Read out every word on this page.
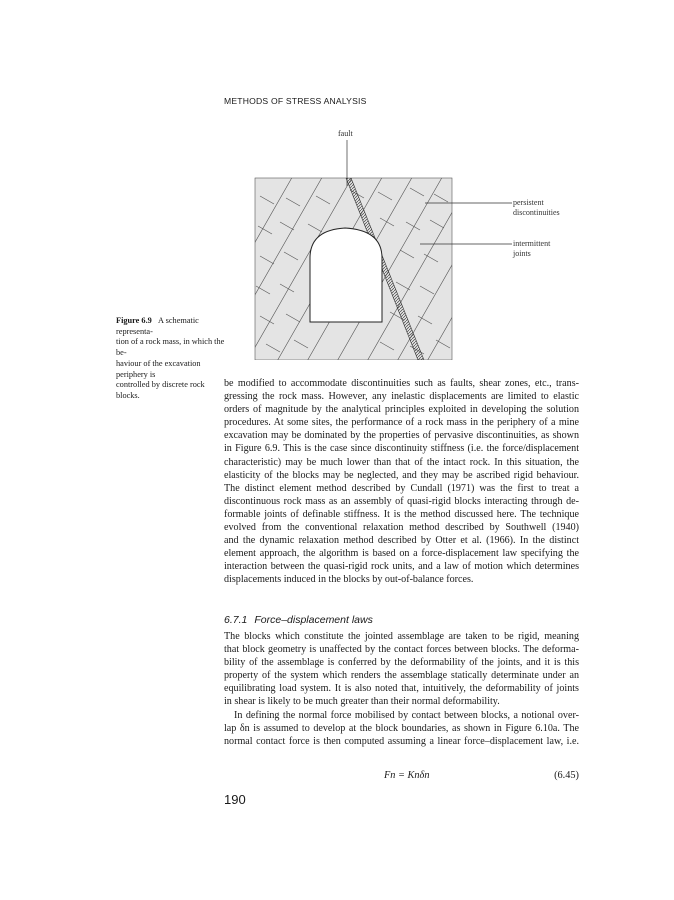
METHODS OF STRESS ANALYSIS
fault
persistent
discontinuities
intermittent
joints
Figure 6.9 A schematic representa-
tion of a rock mass, in which the be-
haviour of the excavation periphery is
controlled by discrete rock blocks.
be modified to accommodate discontinuities such as faults, shear zones, etc., trans-
gressing the rock mass. However, any inelastic displacements are limited to elastic
orders of magnitude by the analytical principles exploited in developing the solution
procedures. At some sites, the performance of a rock mass in the periphery of a mine
excavation may be dominated by the properties of pervasive discontinuities, as shown
in Figure 6.9. This is the case since discontinuity stiffness (i.e. the force/displacement
characteristic) may be much lower than that of the intact rock. In this situation, the
elasticity of the blocks may be neglected, and they may be ascribed rigid behaviour.
The distinct element method described by Cundall (1971) was the first to treat a
discontinuous rock mass as an assembly of quasi-rigid blocks interacting through de-
formable joints of definable stiffness. It is the method discussed here. The technique
evolved from the conventional relaxation method described by Southwell (1940)
and the dynamic relaxation method described by Otter et al. (1966). In the distinct
element approach, the algorithm is based on a force-displacement law specifying the
interaction between the quasi-rigid rock units, and a law of motion which determines
displacements induced in the blocks by out-of-balance forces.
6.7.1 Force–displacement laws
The blocks which constitute the jointed assemblage are taken to be rigid, meaning
that block geometry is unaffected by the contact forces between blocks. The deforma-
bility of the assemblage is conferred by the deformability of the joints, and it is this
property of the system which renders the assemblage statically determinate under an
equilibrating load system. It is also noted that, intuitively, the deformability of joints
in shear is likely to be much greater than their normal deformability.
In defining the normal force mobilised by contact between blocks, a notional over-
lap δn is assumed to develop at the block boundaries, as shown in Figure 6.10a. The
normal contact force is then computed assuming a linear force–displacement law, i.e.
Fn = Knδn	(6.45)
190
